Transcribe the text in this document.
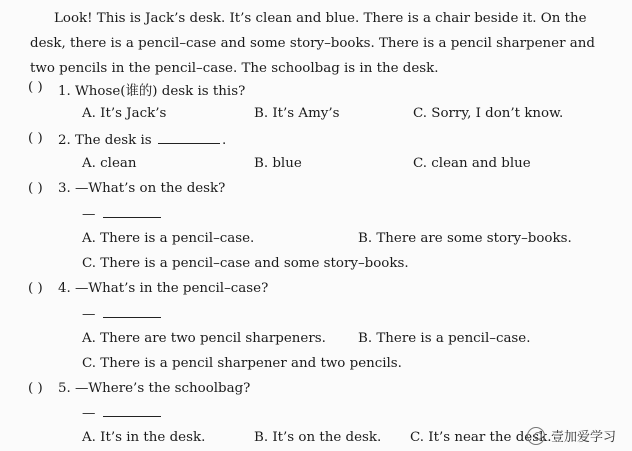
Look! This is Jack’s desk. It’s clean and blue. There is a chair beside it. On the

desk, there is a pencil–case and some story–books. There is a pencil sharpener and

two pencils in the pencil–case. The schoolbag is in the desk.

( ) 1. Whose(谁的) desk is this?
A. It’s Jack’s	B. It’s Amy’s	C. Sorry, I don’t know.
( ) 2. The desk is	.
A. clean	B. blue	C. clean and blue
( ) 3. —What’s on the desk?
—
A. There is a pencil–case.	B. There are some story–books.
C. There is a pencil–case and some story–books.
( ) 4. —What’s in the pencil–case?
—
A. There are two pencil sharpeners. B. There is a pencil–case.
C. There is a pencil sharpener and two pencils.
( ) 5. —Where’s the schoolbag?
—
A. It’s in the desk.	B. It’s on the desk. C. It’s near the desk. 壹加爱学习
